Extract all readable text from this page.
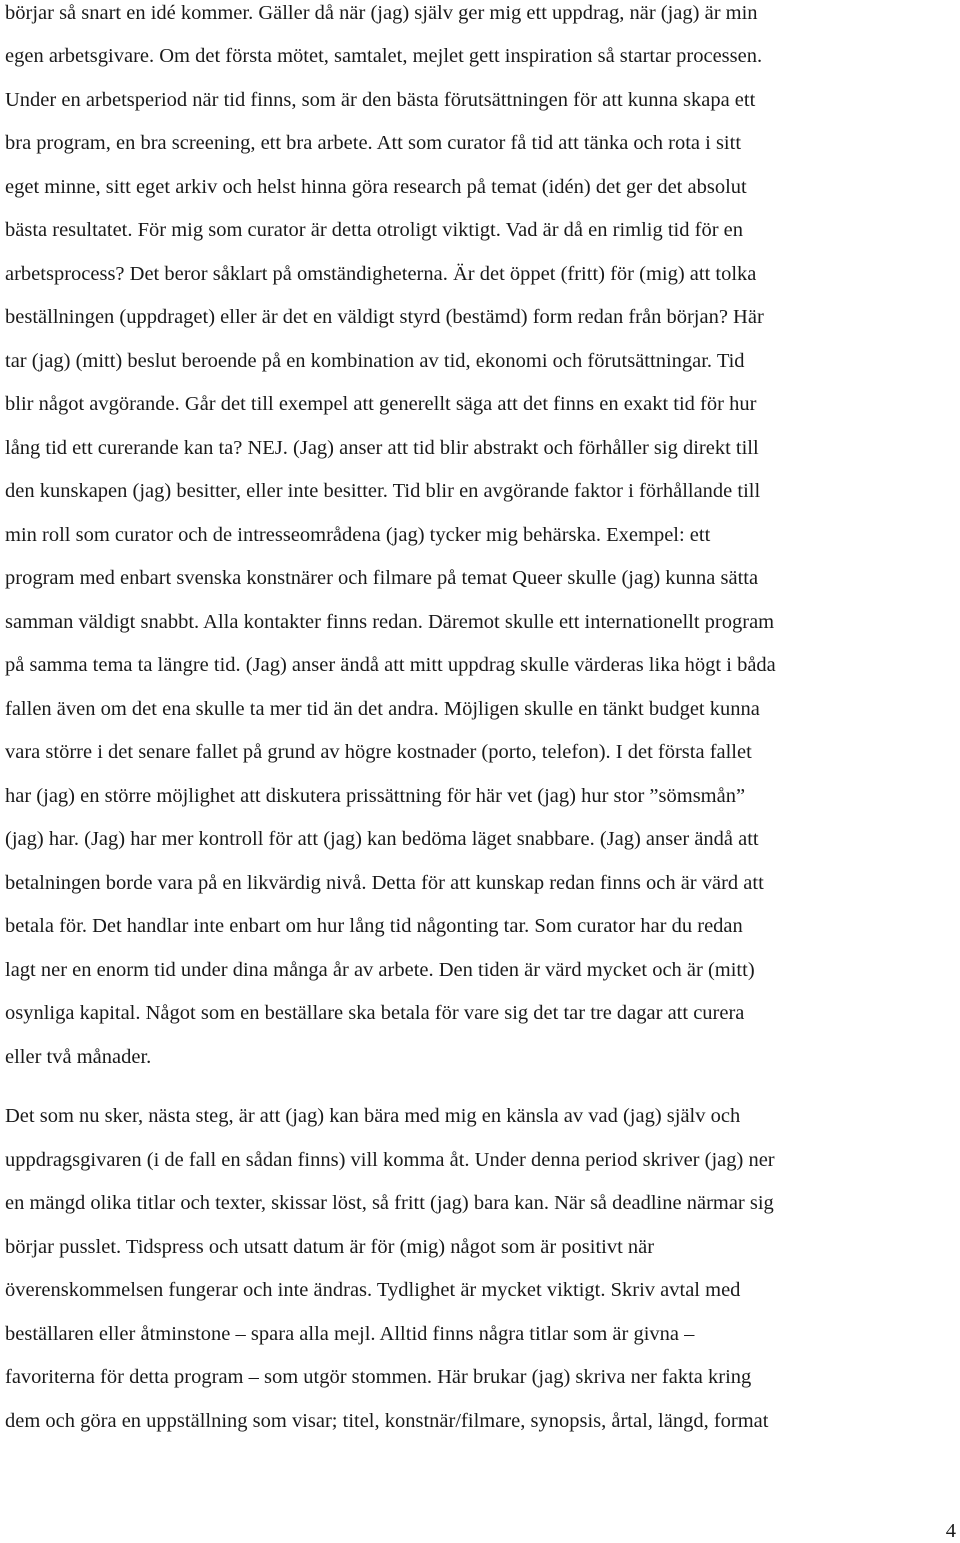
börjar så snart en idé kommer. Gäller då när (jag) själv ger mig ett uppdrag, när (jag) är min

egen arbetsgivare. Om det första mötet, samtalet, mejlet gett inspiration så startar processen.

Under en arbetsperiod när tid finns, som är den bästa förutsättningen för att kunna skapa ett

bra program, en bra screening, ett bra arbete. Att som curator få tid att tänka och rota i sitt

eget minne, sitt eget arkiv och helst hinna göra research på temat (idén) det ger det absolut

bästa resultatet. För mig som curator är detta otroligt viktigt. Vad är då en rimlig tid för en

arbetsprocess? Det beror såklart på omständigheterna. Är det öppet (fritt) för (mig) att tolka

beställningen (uppdraget) eller är det en väldigt styrd (bestämd) form redan från början? Här

tar (jag) (mitt) beslut beroende på en kombination av tid, ekonomi och förutsättningar. Tid

blir något avgörande. Går det till exempel att generellt säga att det finns en exakt tid för hur

lång tid ett curerande kan ta? NEJ. (Jag) anser att tid blir abstrakt och förhåller sig direkt till

den kunskapen (jag) besitter, eller inte besitter. Tid blir en avgörande faktor i förhållande till

min roll som curator och de intresseområdena (jag) tycker mig behärska. Exempel: ett

program med enbart svenska konstnärer och filmare på temat Queer skulle (jag) kunna sätta

samman väldigt snabbt. Alla kontakter finns redan. Däremot skulle ett internationellt program

på samma tema ta längre tid. (Jag) anser ändå att mitt uppdrag skulle värderas lika högt i båda

fallen även om det ena skulle ta mer tid än det andra. Möjligen skulle en tänkt budget kunna

vara större i det senare fallet på grund av högre kostnader (porto, telefon). I det första fallet

har (jag) en större möjlighet att diskutera prissättning för här vet (jag) hur stor ”sömsmån”

(jag) har. (Jag) har mer kontroll för att (jag) kan bedöma läget snabbare. (Jag) anser ändå att

betalningen borde vara på en likvärdig nivå. Detta för att kunskap redan finns och är värd att

betala för. Det handlar inte enbart om hur lång tid någonting tar. Som curator har du redan

lagt ner en enorm tid under dina många år av arbete. Den tiden är värd mycket och är (mitt)

osynliga kapital. Något som en beställare ska betala för vare sig det tar tre dagar att curera

eller två månader.

Det som nu sker, nästa steg, är att (jag) kan bära med mig en känsla av vad (jag) själv och

uppdragsgivaren (i de fall en sådan finns) vill komma åt. Under denna period skriver (jag) ner

en mängd olika titlar och texter, skissar löst, så fritt (jag) bara kan. När så deadline närmar sig

börjar pusslet. Tidspress och utsatt datum är för (mig) något som är positivt när

överenskommelsen fungerar och inte ändras. Tydlighet är mycket viktigt. Skriv avtal med

beställaren eller åtminstone – spara alla mejl. Alltid finns några titlar som är givna –

favoriterna för detta program – som utgör stommen. Här brukar (jag) skriva ner fakta kring

dem och göra en uppställning som visar; titel, konstnär/filmare, synopsis, årtal, längd, format

4
